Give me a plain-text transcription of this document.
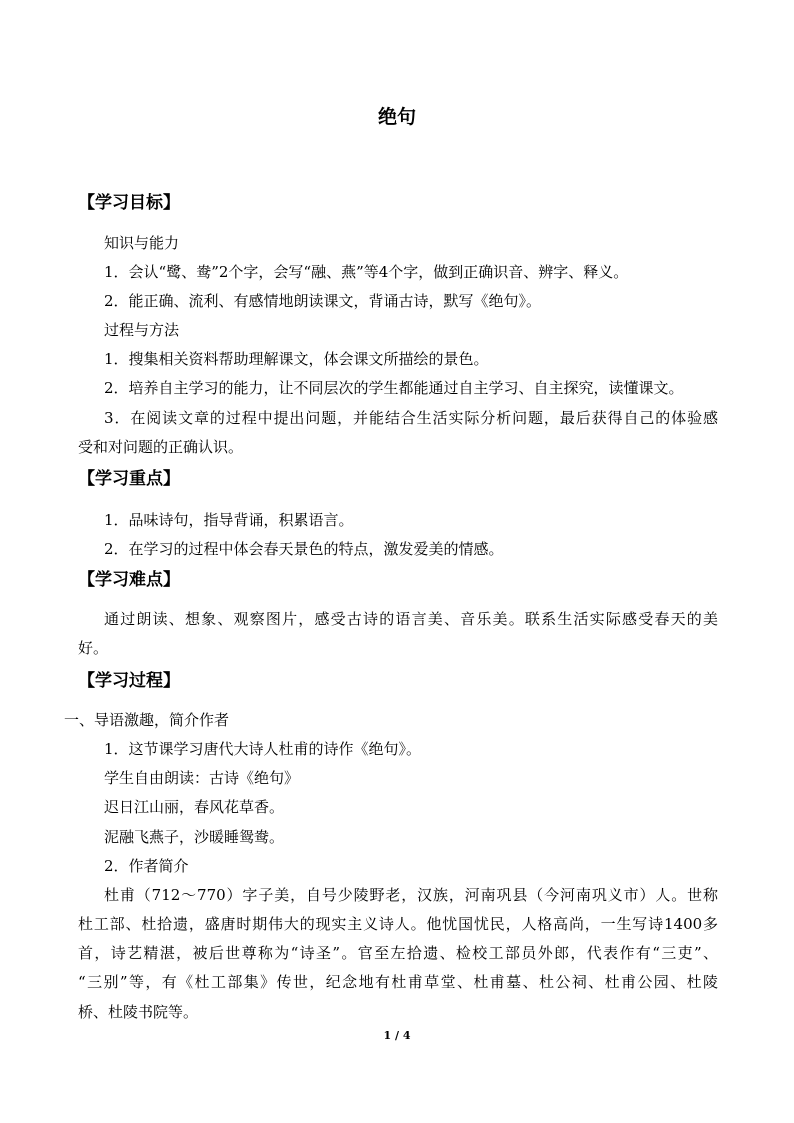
绝句
【学习目标】
知识与能力
1．会认“鹭、鸯”2个字，会写“融、燕”等4个字，做到正确识音、辨字、释义。
2．能正确、流利、有感情地朗读课文，背诵古诗，默写《绝句》。
过程与方法
1．搜集相关资料帮助理解课文，体会课文所描绘的景色。
2．培养自主学习的能力，让不同层次的学生都能通过自主学习、自主探究，读懂课文。
3．在阅读文章的过程中提出问题，并能结合生活实际分析问题，最后获得自己的体验感
受和对问题的正确认识。
【学习重点】
1．品味诗句，指导背诵，积累语言。
2．在学习的过程中体会春天景色的特点，激发爱美的情感。
【学习难点】
通过朗读、想象、观察图片，感受古诗的语言美、音乐美。联系生活实际感受春天的美
好。
【学习过程】
一、导语激趣，简介作者
1．这节课学习唐代大诗人杜甫的诗作《绝句》。
学生自由朗读：古诗《绝句》
迟日江山丽，春风花草香。
泥融飞燕子，沙暖睡鸳鸯。
2．作者简介
杜甫（712～770）字子美，自号少陵野老，汉族，河南巩县（今河南巩义市）人。世称
杜工部、杜拾遗，盛唐时期伟大的现实主义诗人。他忧国忧民，人格高尚，一生写诗1400多
首，诗艺精湛，被后世尊称为“诗圣”。官至左拾遗、检校工部员外郎，代表作有“三吏”、
“三别”等，有《杜工部集》传世，纪念地有杜甫草堂、杜甫墓、杜公祠、杜甫公园、杜陵
桥、杜陵书院等。
1 / 4
